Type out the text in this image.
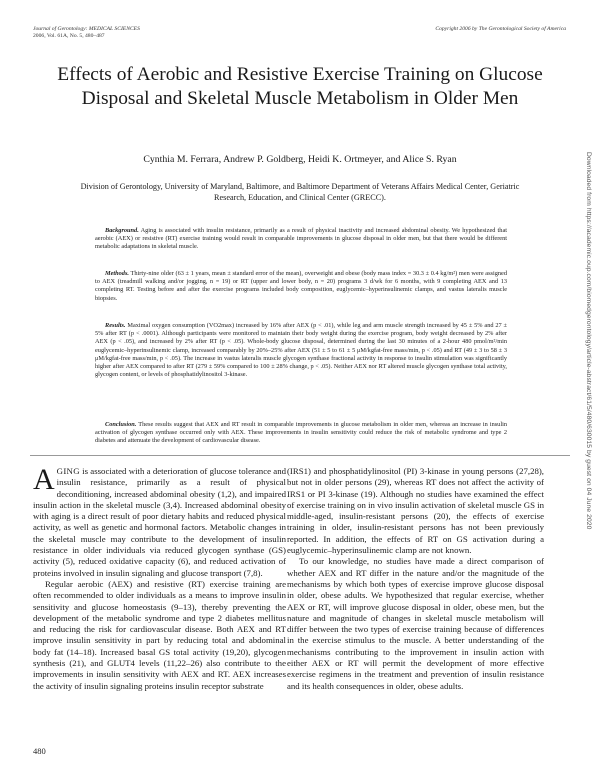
Journal of Gerontology: MEDICAL SCIENCES
2006, Vol. 61A, No. 5, 480–487
Copyright 2006 by The Gerontological Society of America
Effects of Aerobic and Resistive Exercise Training on Glucose Disposal and Skeletal Muscle Metabolism in Older Men
Cynthia M. Ferrara, Andrew P. Goldberg, Heidi K. Ortmeyer, and Alice S. Ryan
Division of Gerontology, University of Maryland, Baltimore, and Baltimore Department of Veterans Affairs Medical Center, Geriatric Research, Education, and Clinical Center (GRECC).
Background. Aging is associated with insulin resistance, primarily as a result of physical inactivity and increased abdominal obesity. We hypothesized that aerobic (AEX) or resistive (RT) exercise training would result in comparable improvements in glucose disposal in older men, but that there would be different metabolic adaptations in skeletal muscle.
Methods. Thirty-nine older (63 ± 1 years, mean ± standard error of the mean), overweight and obese (body mass index = 30.3 ± 0.4 kg/m²) men were assigned to AEX (treadmill walking and/or jogging, n = 19) or RT (upper and lower body, n = 20) programs 3 d/wk for 6 months, with 9 completing AEX and 13 completing RT. Testing before and after the exercise programs included body composition, euglycemic–hyperinsulinemic clamps, and vastus lateralis muscle biopsies.
Results. Maximal oxygen consumption (VO2max) increased by 16% after AEX (p < .01), while leg and arm muscle strength increased by 45 ± 5% and 27 ± 5% after RT (p < .0001). Although participants were monitored to maintain their body weight during the exercise program, body weight decreased by 2% after AEX (p < .05), and increased by 2% after RT (p < .05). Whole-body glucose disposal, determined during the last 30 minutes of a 2-hour 480 pmol/m²/min euglycemic–hyperinsulinemic clamp, increased comparably by 20%–25% after AEX (51 ± 5 to 61 ± 5 μM/kgfat-free mass/min, p < .05) and RT (49 ± 3 to 58 ± 3 μM/kgfat-free mass/min, p < .05). The increase in vastus lateralis muscle glycogen synthase fractional activity in response to insulin stimulation was significantly higher after AEX compared to after RT (279 ± 59% compared to 100 ± 28% change, p < .05). Neither AEX nor RT altered muscle glycogen synthase total activity, glycogen content, or levels of phosphatidylinositol 3-kinase.
Conclusion. These results suggest that AEX and RT result in comparable improvements in glucose metabolism in older men, whereas an increase in insulin activation of glycogen synthase occurred only with AEX. These improvements in insulin sensitivity could reduce the risk of metabolic syndrome and type 2 diabetes and attenuate the development of cardiovascular disease.

AGING is associated with a deterioration of glucose tolerance and insulin resistance, primarily as a result of physical deconditioning, increased abdominal obesity (1,2), and impaired insulin action in the skeletal muscle (3,4). Increased abdominal obesity with aging is a direct result of poor dietary habits and reduced physical activity, as well as genetic and hormonal factors. Metabolic changes in the skeletal muscle may contribute to the development of insulin resistance in older individuals via reduced glycogen synthase (GS) activity (5), reduced oxidative capacity (6), and reduced activation of proteins involved in insulin signaling and glucose transport (7,8).

Regular aerobic (AEX) and resistive (RT) exercise training are often recommended to older individuals as a means to improve insulin sensitivity and glucose homeostasis (9–13), thereby preventing the development of the metabolic syndrome and type 2 diabetes mellitus and reducing the risk for cardiovascular disease. Both AEX and RT improve insulin sensitivity in part by reducing total and abdominal body fat (14–18). Increased basal GS total activity (19,20), glycogen synthesis (21), and GLUT4 levels (11,22–26) also contribute to the improvements in insulin sensitivity with AEX and RT. AEX increases the activity of insulin signaling proteins insulin receptor substrate

(IRS1) and phosphatidylinositol (PI) 3-kinase in young persons (27,28), but not in older persons (29), whereas RT does not affect the activity of IRS1 or PI 3-kinase (19). Although no studies have examined the effect of exercise training on in vivo insulin activation of skeletal muscle GS in middle-aged, insulin-resistant persons (20), the effects of exercise training in older, insulin-resistant persons has not been previously reported. In addition, the effects of RT on GS activation during a euglycemic–hyperinsulinemic clamp are not known.

To our knowledge, no studies have made a direct comparison of whether AEX and RT differ in the nature and/or the magnitude of the mechanisms by which both types of exercise improve glucose disposal in older, obese adults. We hypothesized that regular exercise, whether AEX or RT, will improve glucose disposal in older, obese men, but the nature and magnitude of changes in skeletal muscle metabolism will differ between the two types of exercise training because of differences in the exercise stimulus to the muscle. A better understanding of the mechanisms contributing to the improvement in insulin action with either AEX or RT will permit the development of more effective exercise regimens in the treatment and prevention of insulin resistance and its health consequences in older, obese adults.

Downloaded from https://academic.oup.com/biomedgerontology/article-abstract/61/5/480/630015 by guest on 04 June 2020
480
